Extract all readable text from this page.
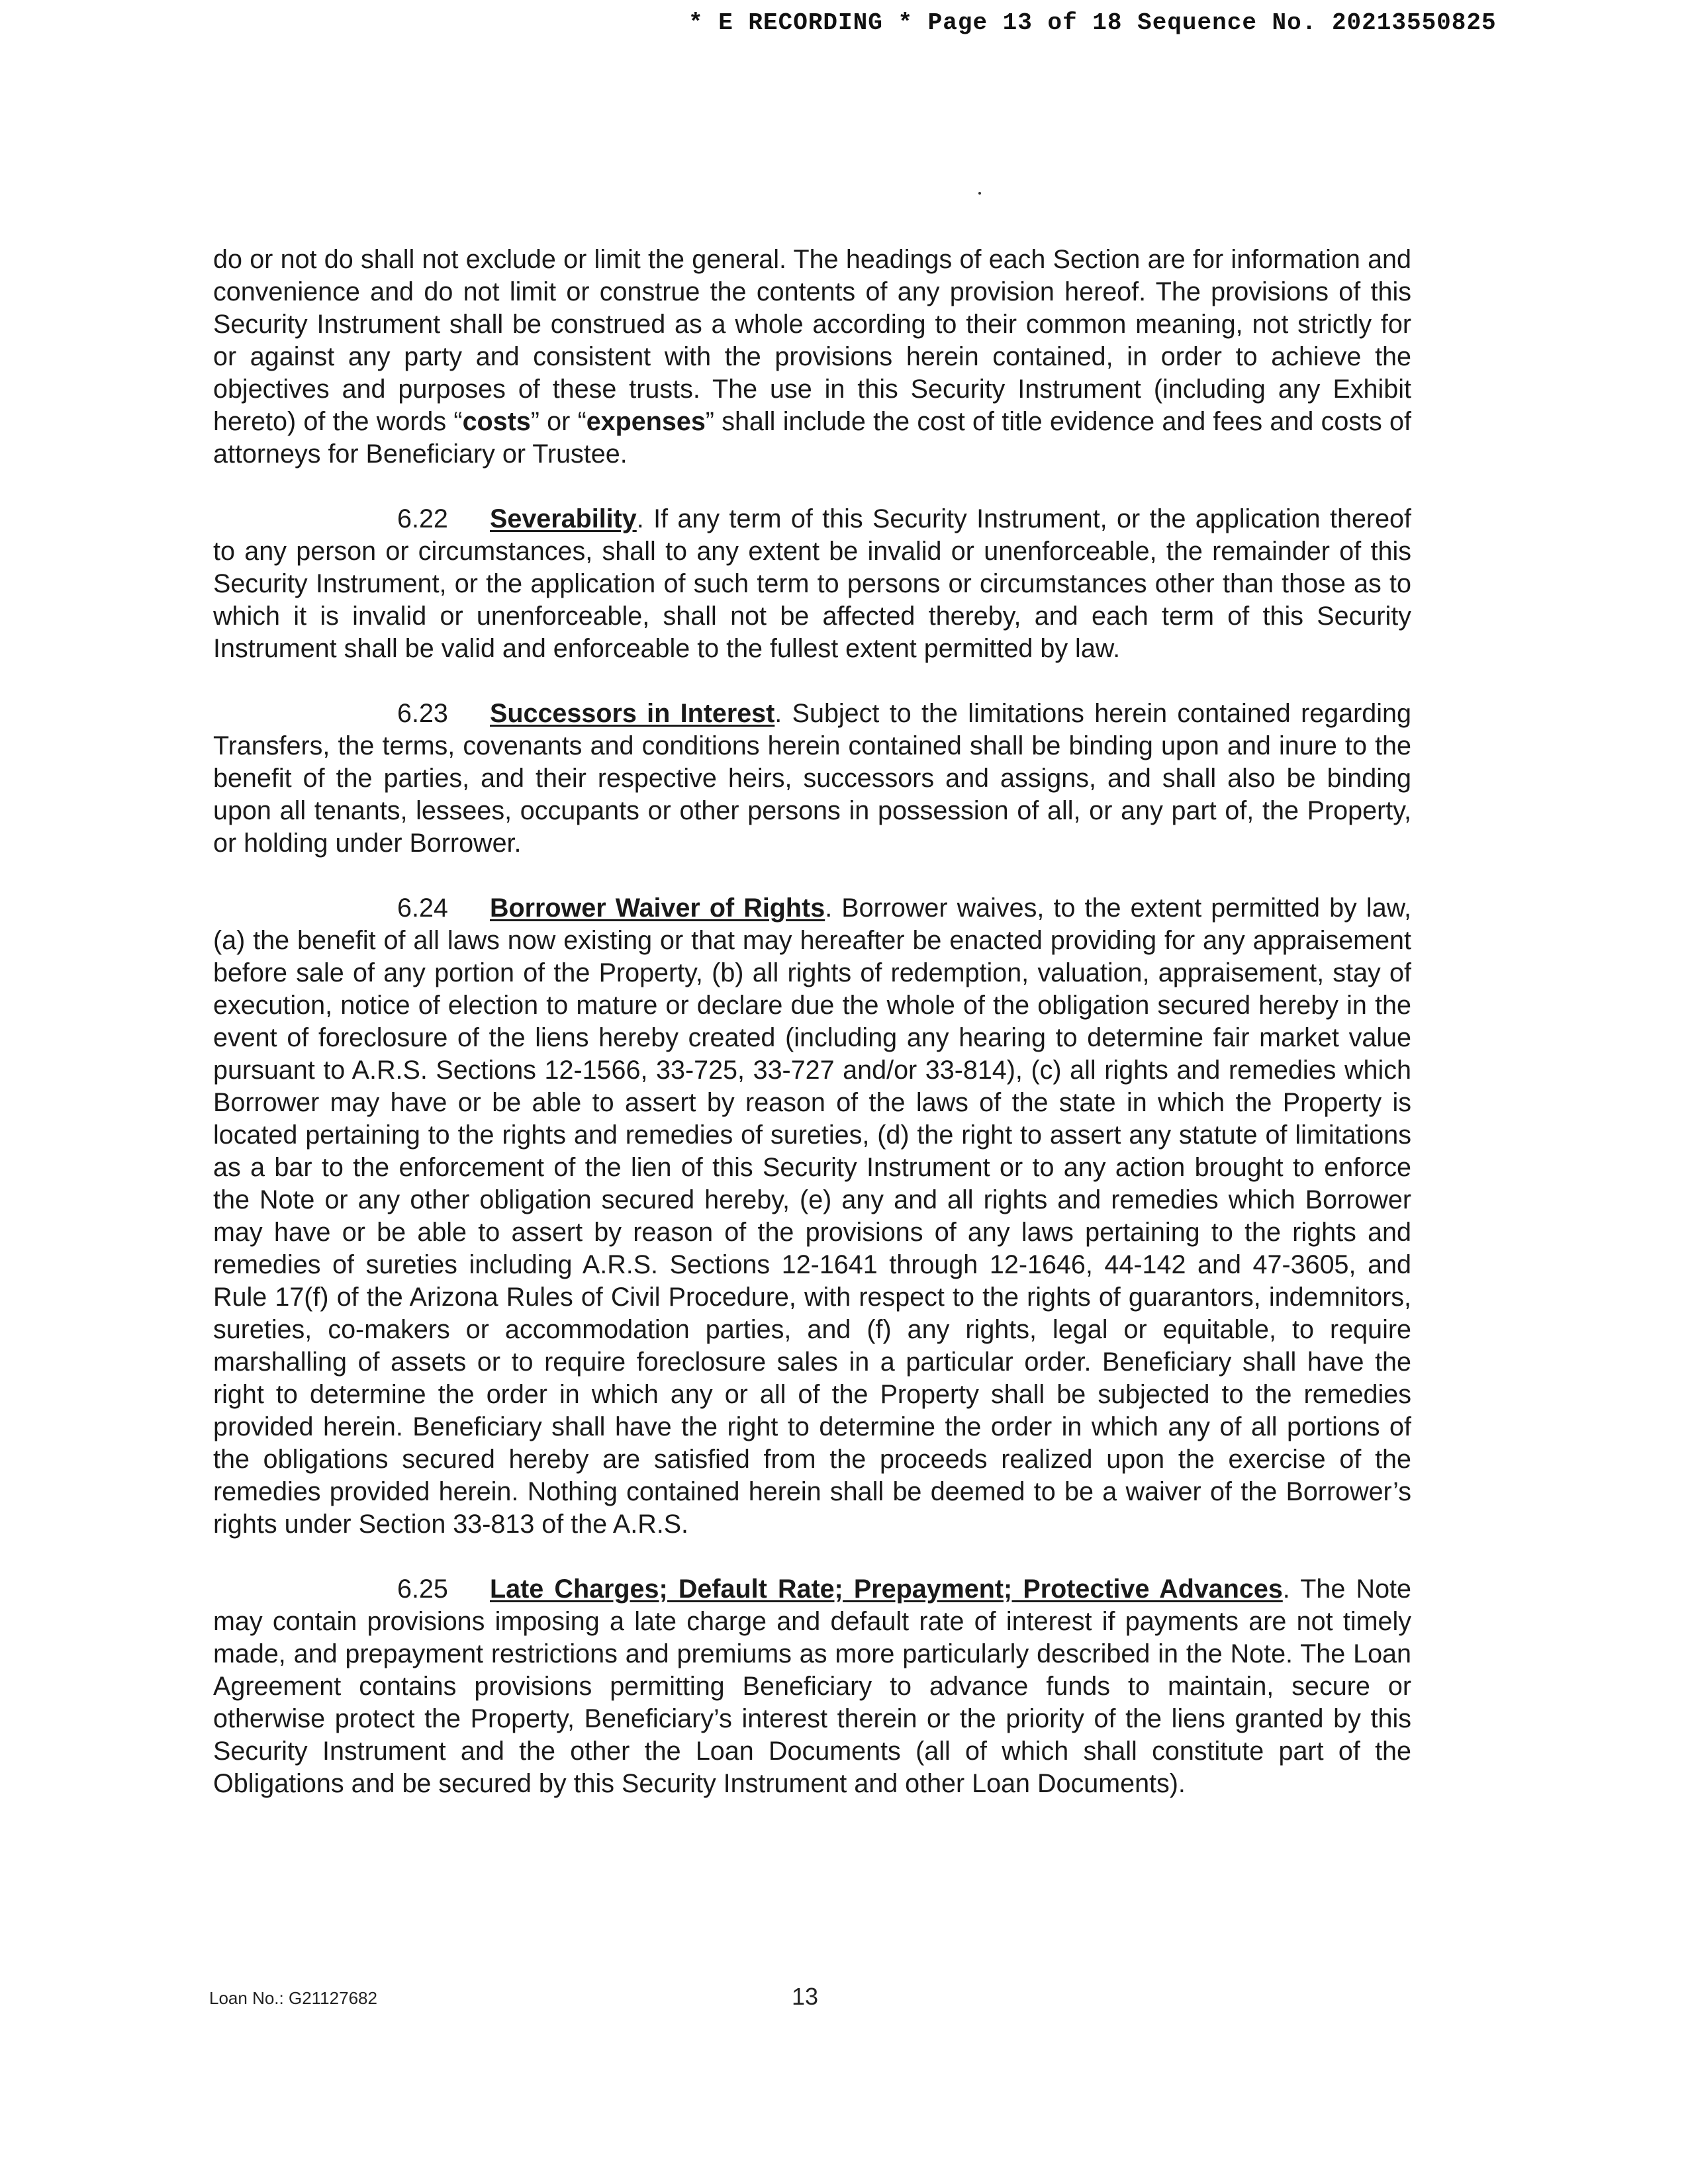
* E RECORDING * Page 13 of 18 Sequence No. 20213550825

do or not do shall not exclude or limit the general. The headings of each Section are for information and convenience and do not limit or construe the contents of any provision hereof. The provisions of this Security Instrument shall be construed as a whole according to their common meaning, not strictly for or against any party and consistent with the provisions herein contained, in order to achieve the objectives and purposes of these trusts. The use in this Security Instrument (including any Exhibit hereto) of the words “costs” or “expenses” shall include the cost of title evidence and fees and costs of attorneys for Beneficiary or Trustee.

6.22 Severability. If any term of this Security Instrument, or the application thereof to any person or circumstances, shall to any extent be invalid or unenforceable, the remainder of this Security Instrument, or the application of such term to persons or circumstances other than those as to which it is invalid or unenforceable, shall not be affected thereby, and each term of this Security Instrument shall be valid and enforceable to the fullest extent permitted by law.

6.23 Successors in Interest. Subject to the limitations herein contained regarding Transfers, the terms, covenants and conditions herein contained shall be binding upon and inure to the benefit of the parties, and their respective heirs, successors and assigns, and shall also be binding upon all tenants, lessees, occupants or other persons in possession of all, or any part of, the Property, or holding under Borrower.

6.24 Borrower Waiver of Rights. Borrower waives, to the extent permitted by law, (a) the benefit of all laws now existing or that may hereafter be enacted providing for any appraisement before sale of any portion of the Property, (b) all rights of redemption, valuation, appraisement, stay of execution, notice of election to mature or declare due the whole of the obligation secured hereby in the event of foreclosure of the liens hereby created (including any hearing to determine fair market value pursuant to A.R.S. Sections 12-1566, 33-725, 33-727 and/or 33-814), (c) all rights and remedies which Borrower may have or be able to assert by reason of the laws of the state in which the Property is located pertaining to the rights and remedies of sureties, (d) the right to assert any statute of limitations as a bar to the enforcement of the lien of this Security Instrument or to any action brought to enforce the Note or any other obligation secured hereby, (e) any and all rights and remedies which Borrower may have or be able to assert by reason of the provisions of any laws pertaining to the rights and remedies of sureties including A.R.S. Sections 12-1641 through 12-1646, 44-142 and 47-3605, and Rule 17(f) of the Arizona Rules of Civil Procedure, with respect to the rights of guarantors, indemnitors, sureties, co-makers or accommodation parties, and (f) any rights, legal or equitable, to require marshalling of assets or to require foreclosure sales in a particular order. Beneficiary shall have the right to determine the order in which any or all of the Property shall be subjected to the remedies provided herein. Beneficiary shall have the right to determine the order in which any of all portions of the obligations secured hereby are satisfied from the proceeds realized upon the exercise of the remedies provided herein. Nothing contained herein shall be deemed to be a waiver of the Borrower’s rights under Section 33-813 of the A.R.S.

6.25 Late Charges; Default Rate; Prepayment; Protective Advances. The Note may contain provisions imposing a late charge and default rate of interest if payments are not timely made, and prepayment restrictions and premiums as more particularly described in the Note. The Loan Agreement contains provisions permitting Beneficiary to advance funds to maintain, secure or otherwise protect the Property, Beneficiary’s interest therein or the priority of the liens granted by this Security Instrument and the other the Loan Documents (all of which shall constitute part of the Obligations and be secured by this Security Instrument and other Loan Documents).

Loan No.: G21127682	13
